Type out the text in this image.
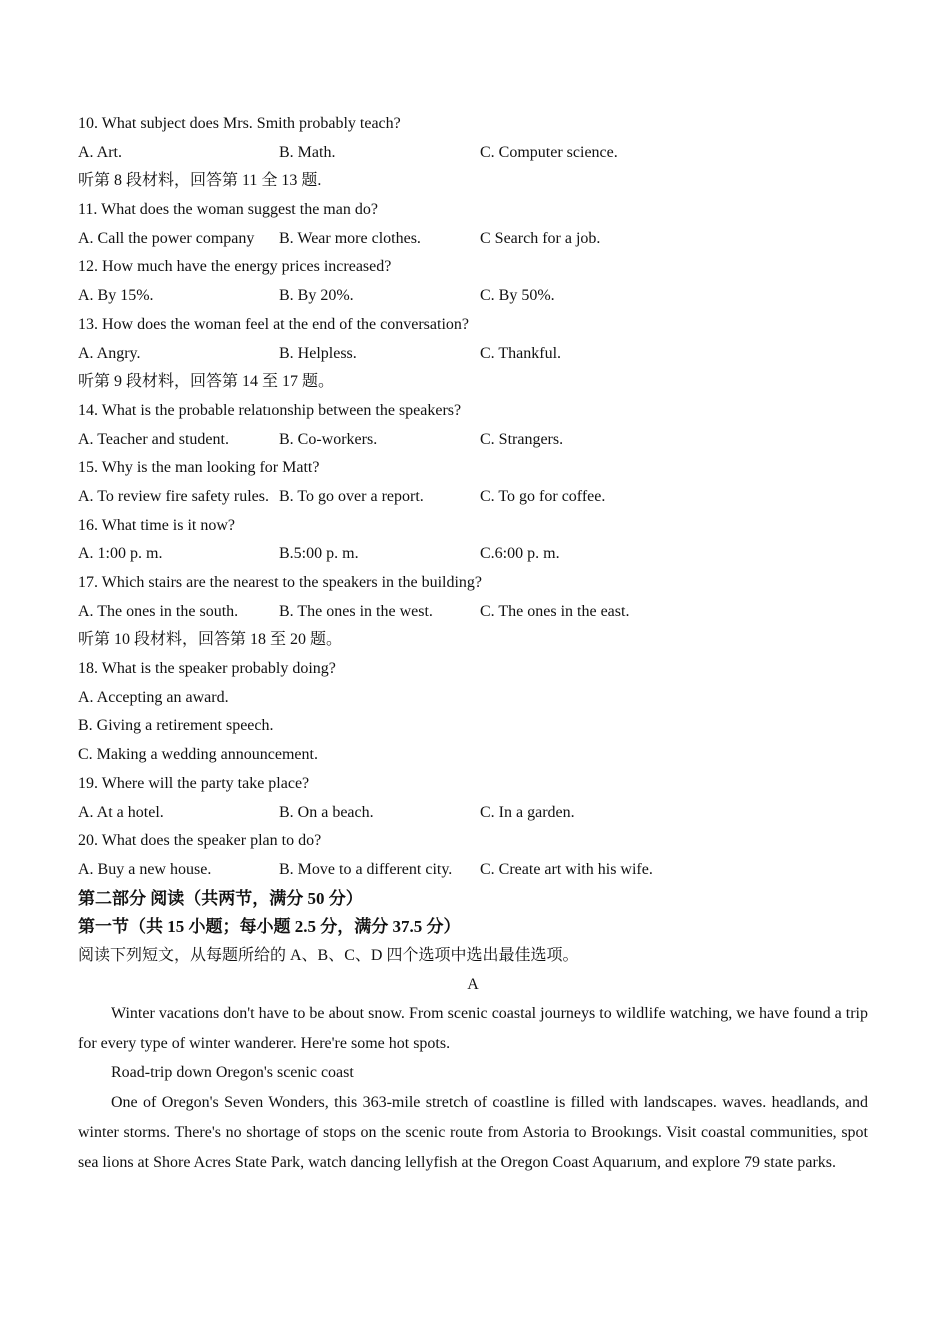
10. What subject does Mrs. Smith probably teach?
A. Art.	B. Math.	C. Computer science.
听第 8 段材料，回答第 11 全 13 题.
11. What does the woman suggest the man do?
A. Call the power company	B. Wear more clothes.	C Search for a job.
12. How much have the energy prices increased?
A. By 15%.	B. By 20%.	C. By 50%.
13. How does the woman feel at the end of the conversation?
A. Angry.	B. Helpless.	C. Thankful.
听第 9 段材料，回答第 14 至 17 题。
14. What is the probable relatıonship between the speakers?
A. Teacher and student.	B. Co-workers.	C. Strangers.
15. Why is the man looking for Matt?
A. To review fire safety rules. B. To go over a report.	C. To go for coffee.
16. What time is it now?
A. 1:00 p. m.	B.5:00 p. m.	C.6:00 p. m.
17. Which stairs are the nearest to the speakers in the building?
A. The ones in the south.	B. The ones in the west.	C. The ones in the east.
听第 10 段材料，回答第 18 至 20 题。
18. What is the speaker probably doing?
A. Accepting an award.
B. Giving a retirement speech.
C. Making a wedding announcement.
19. Where will the party take place?
A. At a hotel.	B. On a beach.	C. In a garden.
20. What does the speaker plan to do?
A. Buy a new house.	B. Move to a different city.	C. Create art with his wife.
第二部分 阅读（共两节，满分 50 分）
第一节（共 15 小题；每小题 2.5 分，满分 37.5 分）
阅读下列短文，从每题所给的 A、B、C、D 四个选项中选出最佳选项。
A

Winter vacations don't have to be about snow. From scenic coastal journeys to wildlife watching, we have found a trip for every type of winter wanderer. Here're some hot spots.

Road-trip down Oregon's scenic coast

One of Oregon's Seven Wonders, this 363-mile stretch of coastline is filled with landscapes. waves. headlands, and winter storms. There's no shortage of stops on the scenic route from Astoria to Brookıngs. Visit coastal communities, spot sea lions at Shore Acres State Park, watch dancing lellyfish at the Oregon Coast Aquarıum, and explore 79 state parks.
